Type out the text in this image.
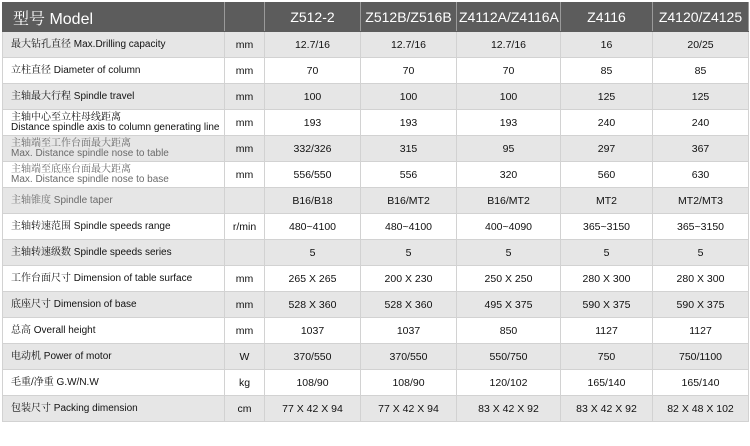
型号 Model		Z512-2	Z512B/Z516B	Z4112A/Z4116A	Z4116	Z4120/Z4125

最大钻孔直径 Max.Drilling capacity	mm	12.7/16	12.7/16	12.7/16	16	20/25

立柱直径 Diameter of column	mm	70	70	70	85	85

主轴最大行程 Spindle travel	mm	100	100	100	125	125

主轴中心至立柱母线距离
Distance spindle axis to column generating line	mm	193	193	193	240	240

主轴端至工作台面最大距离
Max. Distance spindle nose to table	mm	332/326	315	95	297	367

主轴端至底座台面最大距离
Max. Distance spindle nose to base	mm	556/550	556	320	560	630

主轴锥度 Spindle taper		B16/B18	B16/MT2	B16/MT2	MT2	MT2/MT3

主轴转速范围 Spindle speeds range	r/min	480~4100	480~4100	400~4090	365~3150	365~3150

主轴转速级数 Spindle speeds series		5	5	5	5	5

工作台面尺寸 Dimension of table surface	mm	265 X 265	200 X 230	250 X 250	280 X 300	280 X 300

底座尺寸 Dimension of base	mm	528 X 360	528 X 360	495 X 375	590 X 375	590 X 375

总高 Overall height	mm	1037	1037	850	1127	1127

电动机 Power of motor	W	370/550	370/550	550/750	750	750/1100

毛重/净重 G.W/N.W	kg	108/90	108/90	120/102	165/140	165/140

包装尺寸 Packing dimension	cm	77 X 42 X 94	77 X 42 X 94	83 X 42 X 92	83 X 42 X 92	82 X 48 X 102
